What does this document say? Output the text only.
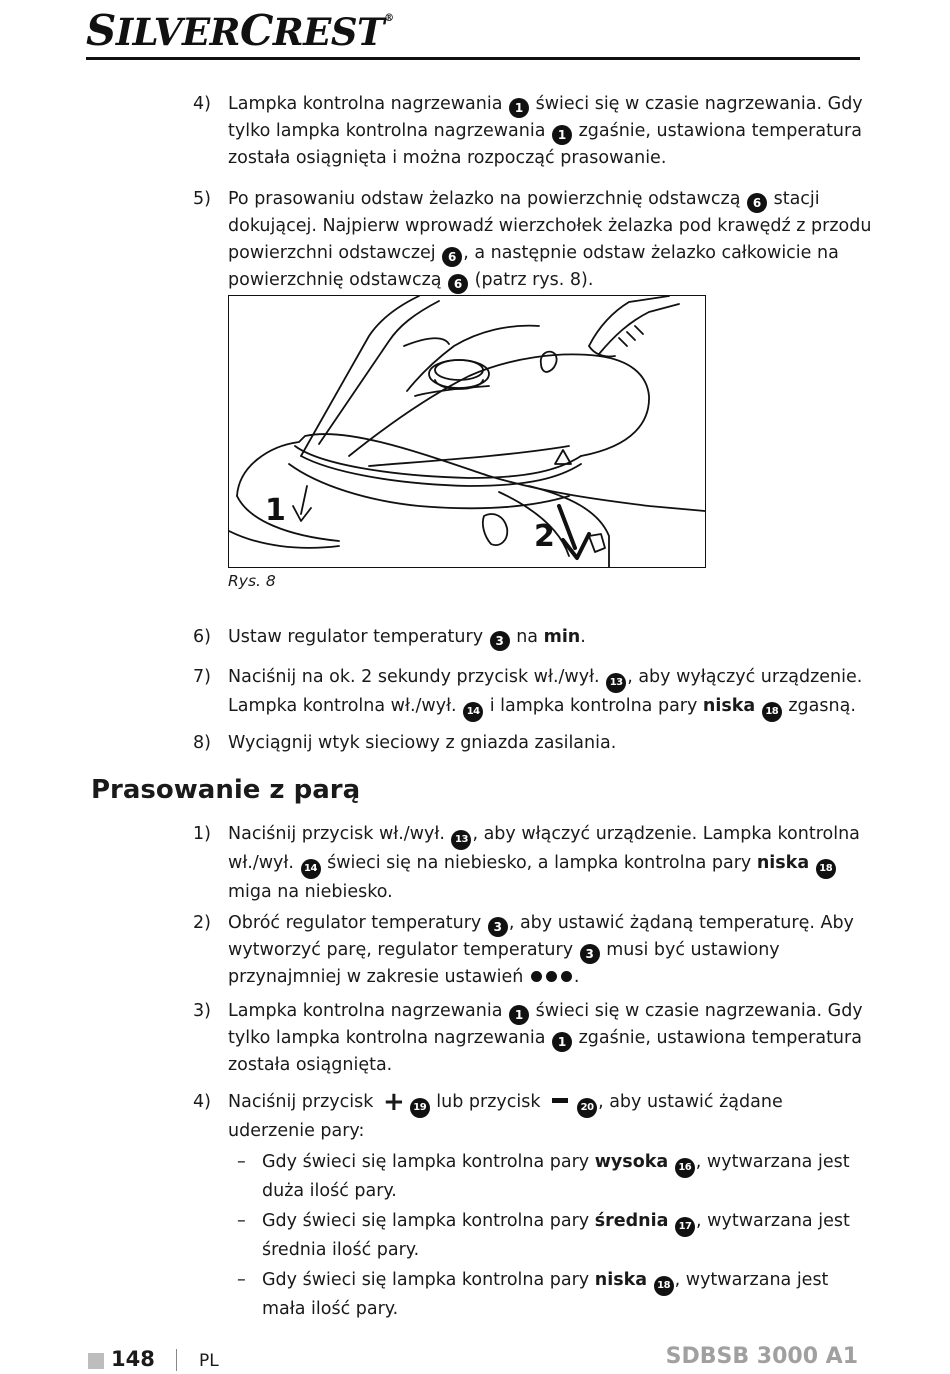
SILVERCREST®
4) Lampka kontrolna nagrzewania 1 świeci się w czasie nagrzewania. Gdy tylko lampka kontrolna nagrzewania 1 zgaśnie, ustawiona temperatura została osiągnięta i można rozpocząć prasowanie.
5) Po prasowaniu odstaw żelazko na powierzchnię odstawczą 6 stacji dokującej. Najpierw wprowadź wierzchołek żelazka pod krawędź z przodu powierzchni odstawczej 6 , a następnie odstaw żelazko całkowicie na powierzchnię odstawczą 6 (patrz rys. 8).
1
2
Rys. 8
6) Ustaw regulator temperatury 3 na min.
7) Naciśnij na ok. 2 sekundy przycisk wł./wył. 13 , aby wyłączyć urządzenie. Lampka kontrolna wł./wył. 14 i lampka kontrolna pary niska 18 zgasną.
8) Wyciągnij wtyk sieciowy z gniazda zasilania.
Prasowanie z parą
1) Naciśnij przycisk wł./wył. 13 , aby włączyć urządzenie. Lampka kontrolna wł./wył. 14 świeci się na niebiesko, a lampka kontrolna pary niska 18 miga na niebiesko.
2) Obróć regulator temperatury 3 , aby ustawić żądaną temperaturę. Aby wytworzyć parę, regulator temperatury 3 musi być ustawiony przynajmniej w zakresie ustawień	.
3) Lampka kontrolna nagrzewania 1 świeci się w czasie nagrzewania. Gdy tylko lampka kontrolna nagrzewania 1 zgaśnie, ustawiona temperatura została osiągnięta.
4) Naciśnij przycisk + 19 lub przycisk	20 , aby ustawić żądane uderzenie pary:
– Gdy świeci się lampka kontrolna pary wysoka 16 , wytwarzana jest duża ilość pary.
– Gdy świeci się lampka kontrolna pary średnia 17 , wytwarzana jest średnia ilość pary.
– Gdy świeci się lampka kontrolna pary niska 18 , wytwarzana jest mała ilość pary.
148	PL	SDBSB 3000 A1
